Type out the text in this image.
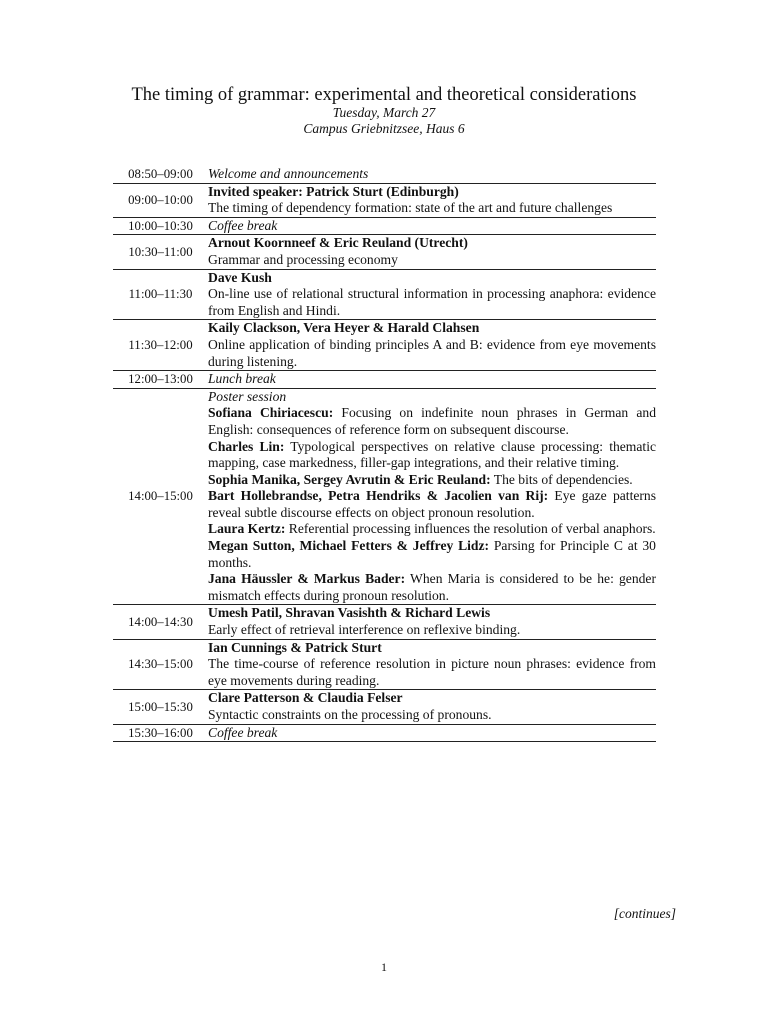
The timing of grammar: experimental and theoretical considerations
Tuesday, March 27
Campus Griebnitzsee, Haus 6
08:50–09:00	Welcome and announcements
09:00–10:00
Invited speaker: Patrick Sturt (Edinburgh)
The timing of dependency formation: state of the art and future challenges
10:00–10:30	Coffee break
10:30–11:00
Arnout Koornneef & Eric Reuland (Utrecht)
Grammar and processing economy
11:00–11:30
Dave Kush
On-line use of relational structural information in processing anaphora: evidence from English and Hindi.
11:30–12:00
Kaily Clackson, Vera Heyer & Harald Clahsen
Online application of binding principles A and B: evidence from eye movements during listening.
12:00–13:00	Lunch break
14:00–15:00
Poster session

Sofiana Chiriacescu: Focusing on indefinite noun phrases in German and English: consequences of reference form on subsequent discourse.

Charles Lin: Typological perspectives on relative clause processing: thematic mapping, case markedness, filler-gap integrations, and their relative timing.

Sophia Manika, Sergey Avrutin & Eric Reuland: The bits of dependencies.

Bart Hollebrandse, Petra Hendriks & Jacolien van Rij: Eye gaze patterns reveal subtle discourse effects on object pronoun resolution.

Laura Kertz: Referential processing influences the resolution of verbal anaphors.

Megan Sutton, Michael Fetters & Jeffrey Lidz: Parsing for Principle C at 30 months.

Jana Häussler & Markus Bader: When Maria is considered to be he: gender mismatch effects during pronoun resolution.

14:00–14:30
Umesh Patil, Shravan Vasishth & Richard Lewis
Early effect of retrieval interference on reflexive binding.
14:30–15:00
Ian Cunnings & Patrick Sturt
The time-course of reference resolution in picture noun phrases: evidence from eye movements during reading.
15:00–15:30
Clare Patterson & Claudia Felser
Syntactic constraints on the processing of pronouns.
15:30–16:00	Coffee break
[continues]
1
